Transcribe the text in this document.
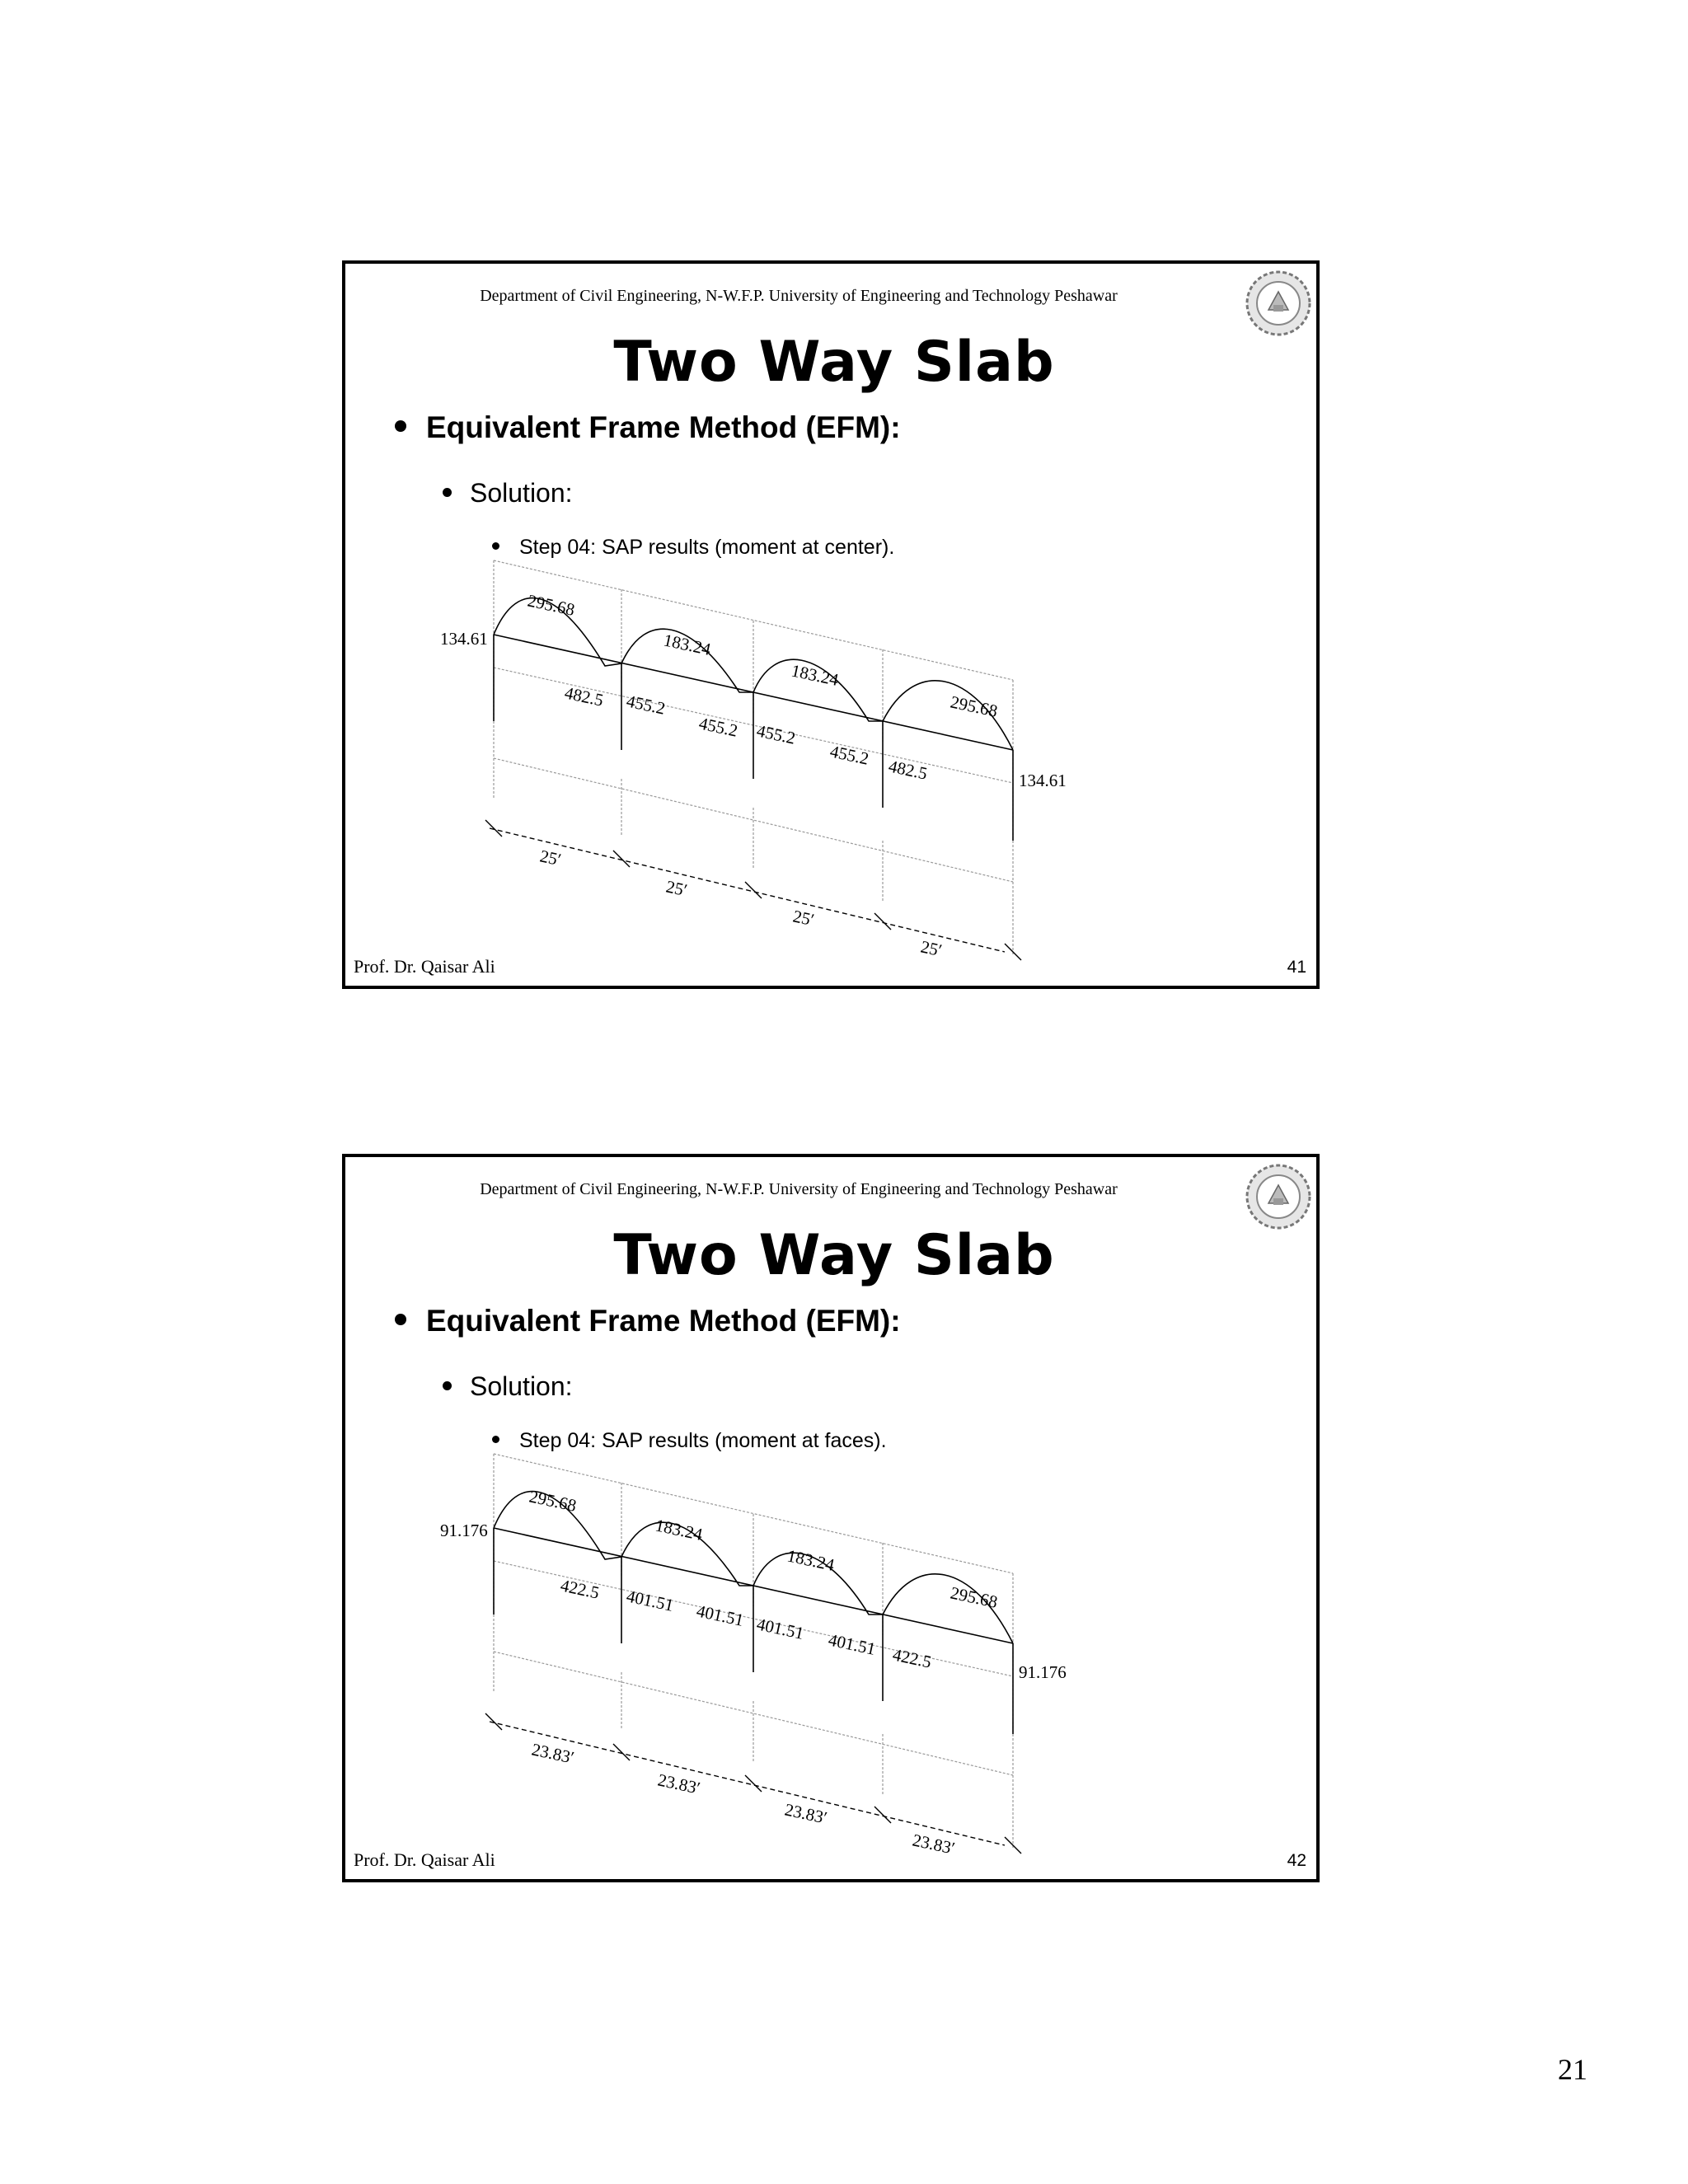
Department of Civil Engineering, N-W.F.P. University of Engineering and Technology Peshawar
Two Way Slab
Equivalent Frame Method (EFM):
Solution:
Step 04: SAP results (moment at center).
295.68
134.61	183.24
183.24
295.68
482.5 455.2
455.2 455.2
455.2
482.5	134.61
25′
25′
25′
25′
Prof. Dr. Qaisar Ali	41
Department of Civil Engineering, N-W.F.P. University of Engineering and Technology Peshawar
Two Way Slab
Equivalent Frame Method (EFM):
Solution:
Step 04: SAP results (moment at faces).
295.68
91.176	183.24
183.24
295.68
422.5 401.51
401.51 401.51
401.51 422.5
91.176
23.83′
23.83′
23.83′
23.83′
Prof. Dr. Qaisar Ali	42
21
